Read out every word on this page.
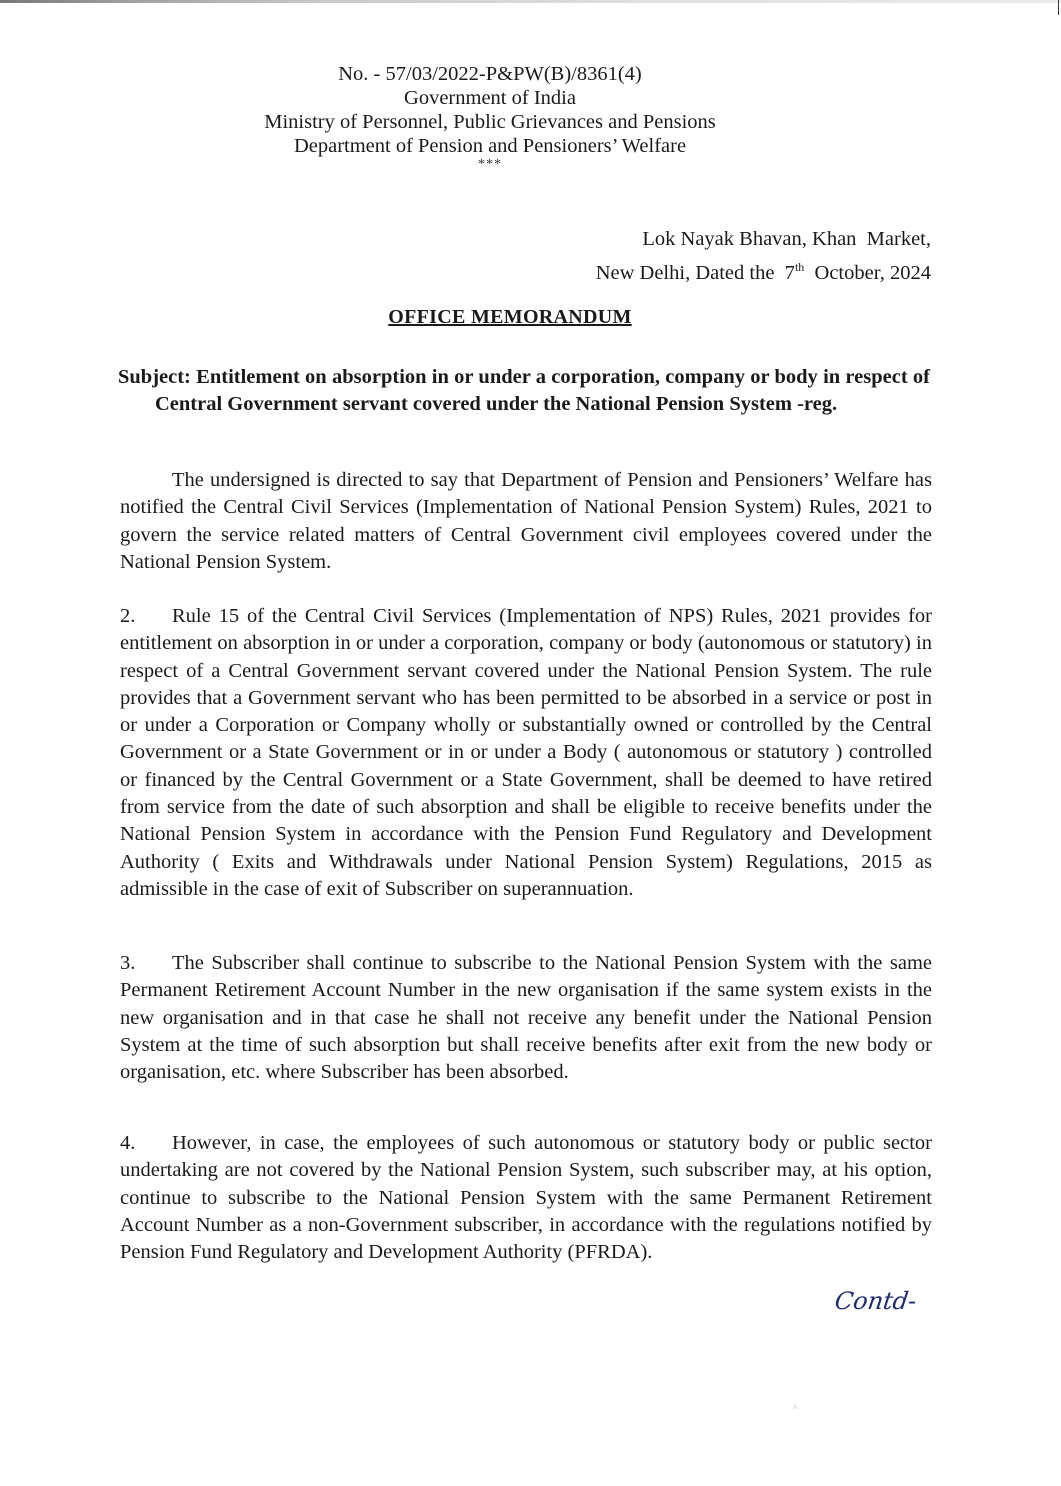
No. - 57/03/2022-P&PW(B)/8361(4)
Government of India
Ministry of Personnel, Public Grievances and Pensions
Department of Pension and Pensioners’ Welfare
***
Lok Nayak Bhavan, Khan  Market,
New Delhi, Dated the  7th  October, 2024
OFFICE MEMORANDUM
Subject: Entitlement on absorption in or under a corporation, company or body in respect of Central Government servant covered under the National Pension System -reg.
The undersigned is directed to say that Department of Pension and Pensioners’ Welfare has notified the Central Civil Services (Implementation of National Pension System) Rules, 2021 to govern the service related matters of Central Government civil employees covered under the National Pension System.
2. Rule 15 of the Central Civil Services (Implementation of NPS) Rules, 2021 provides for entitlement on absorption in or under a corporation, company or body (autonomous or statutory) in respect of a Central Government servant covered under the National Pension System. The rule provides that a Government servant who has been permitted to be absorbed in a service or post in or under a Corporation or Company wholly or substantially owned or controlled by the Central Government or a State Government or in or under a Body ( autonomous or statutory ) controlled or financed by the Central Government or a State Government, shall be deemed to have retired from service from the date of such absorption and shall be eligible to receive benefits under the National Pension System in accordance with the Pension Fund Regulatory and Development Authority ( Exits and Withdrawals under National Pension System) Regulations, 2015 as admissible in the case of exit of Subscriber on superannuation.
3. The Subscriber shall continue to subscribe to the National Pension System with the same Permanent Retirement Account Number in the new organisation if the same system exists in the new organisation and in that case he shall not receive any benefit under the National Pension System at the time of such absorption but shall receive benefits after exit from the new body or organisation, etc. where Subscriber has been absorbed.
4. However, in case, the employees of such autonomous or statutory body or public sector undertaking are not covered by the National Pension System, such subscriber may, at his option, continue to subscribe to the National Pension System with the same Permanent Retirement Account Number as a non-Government subscriber, in accordance with the regulations notified by Pension Fund Regulatory and Development Authority (PFRDA).
Contd-
^
